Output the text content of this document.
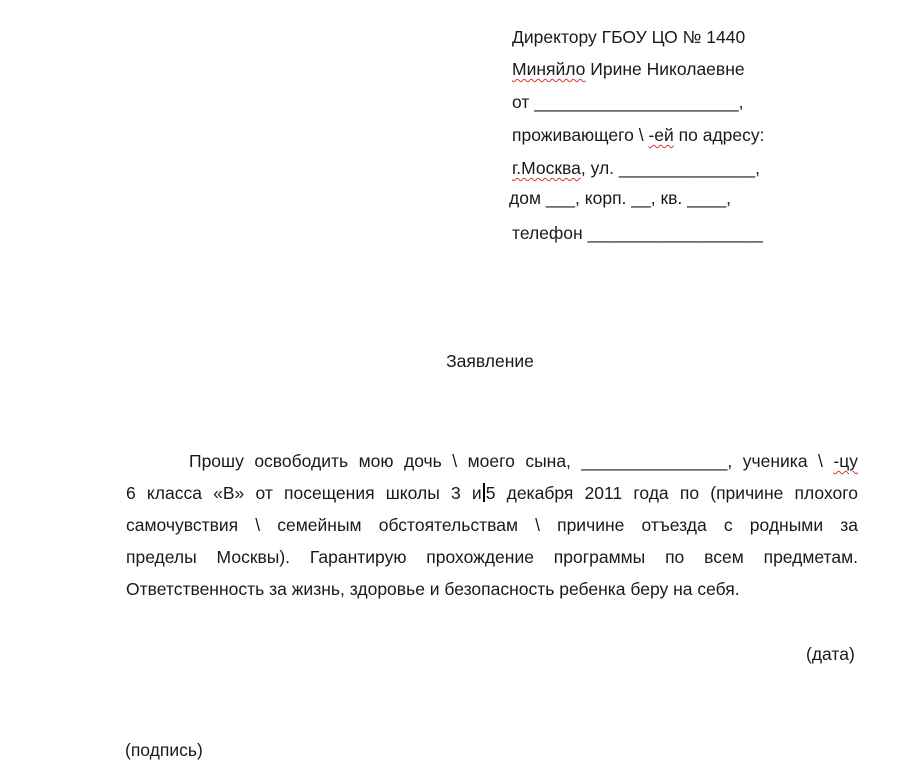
Директору ГБОУ ЦО № 1440
Миняйло Ирине Николаевне
от _____________________,
проживающего \ -ей по адресу:
г.Москва, ул. ______________,
дом ___, корп. __, кв. ____,
телефон __________________
Заявление
Прошу освободить мою дочь \ моего сына, _______________, ученика \ -цу
6 класса «В» от посещения школы 3 и 5 декабря 2011 года по (причине плохого
самочувствия \ семейным обстоятельствам \ причине отъезда с родными за
пределы Москвы). Гарантирую прохождение программы по всем предметам.
Ответственность за жизнь, здоровье и безопасность ребенка беру на себя.
(дата)
(подпись)
